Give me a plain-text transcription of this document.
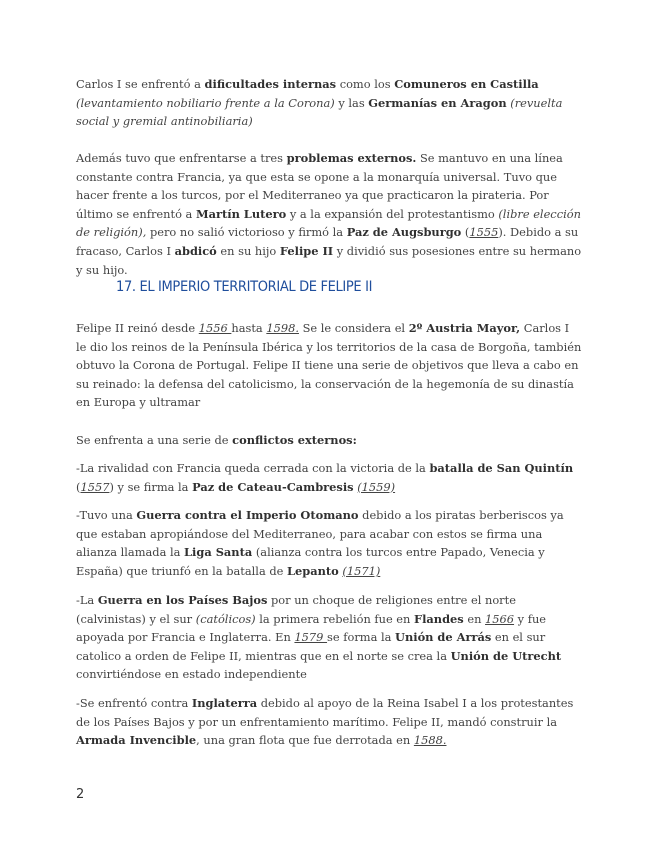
Carlos I se enfrentó a dificultades internas como los Comuneros en Castilla (levantamiento nobiliario frente a la Corona) y las Germanías en Aragon (revuelta social y gremial antinobiliaria)

Además tuvo que enfrentarse a tres problemas externos. Se mantuvo en una línea constante contra Francia, ya que esta se opone a la monarquía universal. Tuvo que hacer frente a los turcos, por el Mediterraneo ya que practicaron la pirateria. Por último se enfrentó a Martín Lutero y a la expansión del protestantismo (libre elección de religión), pero no salió victorioso y firmó la Paz de Augsburgo (1555). Debido a su fracaso, Carlos I abdicó en su hijo Felipe II y dividió sus posesiones entre su hermano y su hijo.

17. EL IMPERIO TERRITORIAL DE FELIPE II

Felipe II reinó desde 1556 hasta 1598. Se le considera el 2º Austria Mayor, Carlos I le dio los reinos de la Península Ibérica y los territorios de la casa de Borgoña, también obtuvo la Corona de Portugal. Felipe II tiene una serie de objetivos que lleva a cabo en su reinado: la defensa del catolicismo, la conservación de la hegemonía de su dinastía en Europa y ultramar

Se enfrenta a una serie de conflictos externos:

-La rivalidad con Francia queda cerrada con la victoria de la batalla de San Quintín (1557) y se firma la Paz de Cateau-Cambresis (1559)

-Tuvo una Guerra contra el Imperio Otomano debido a los piratas berberiscos ya que estaban apropiándose del Mediterraneo, para acabar con estos se firma una alianza llamada la Liga Santa (alianza contra los turcos entre Papado, Venecia y España) que triunfó en la batalla de Lepanto (1571)

-La Guerra en los Países Bajos por un choque de religiones entre el norte (calvinistas) y el sur (católicos) la primera rebelión fue en Flandes en 1566 y fue apoyada por Francia e Inglaterra. En 1579 se forma la Unión de Arrás en el sur catolico a orden de Felipe II, mientras que en el norte se crea la Unión de Utrecht convirtiéndose en estado independiente

-Se enfrentó contra Inglaterra debido al apoyo de la Reina Isabel I a los protestantes de los Países Bajos y por un enfrentamiento marítimo. Felipe II, mandó construir la Armada Invencible, una gran flota que fue derrotada en 1588.

2
